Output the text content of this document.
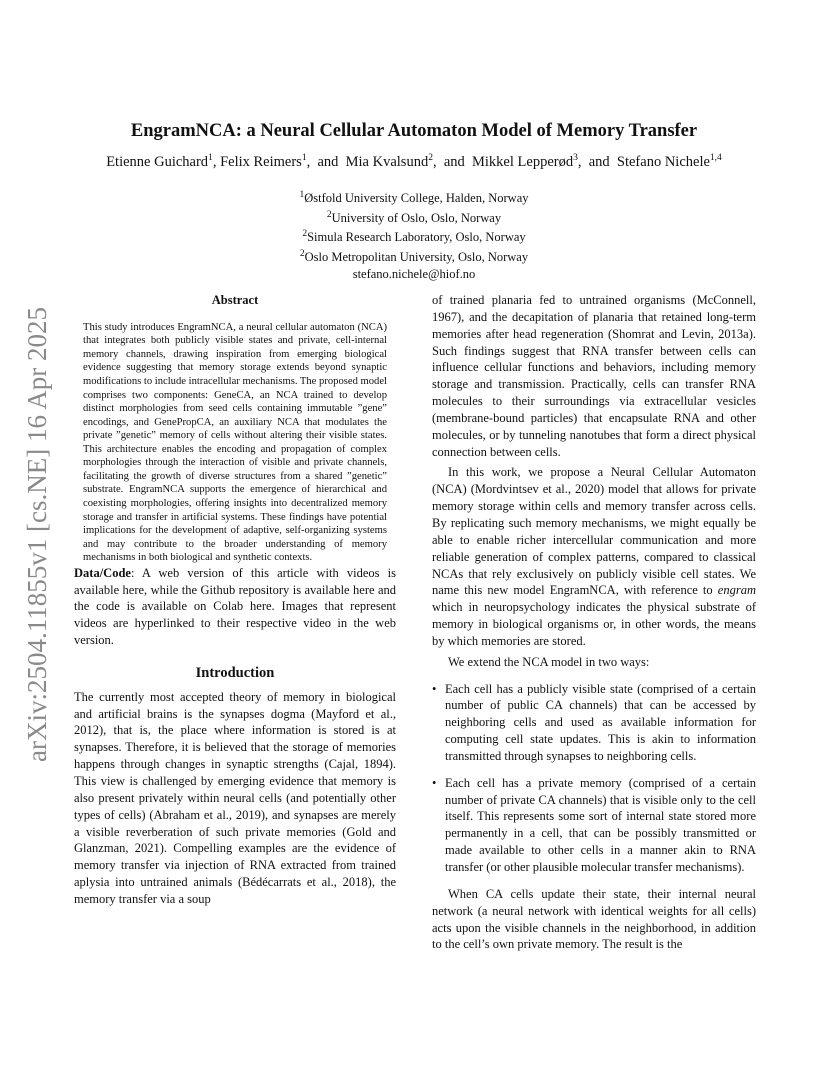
arXiv:2504.11855v1 [cs.NE] 16 Apr 2025
EngramNCA: a Neural Cellular Automaton Model of Memory Transfer
Etienne Guichard$^1$, Felix Reimers$^1$,  and  Mia Kvalsund$^2$,  and  Mikkel Lepperød$^3$,  and  Stefano Nichele$^{1,4}$
$^1$Østfold University College, Halden, Norway
$^2$University of Oslo, Oslo, Norway
$^2$Simula Research Laboratory, Oslo, Norway
$^2$Oslo Metropolitan University, Oslo, Norway
stefano.nichele@hiof.no
Abstract

This study introduces EngramNCA, a neural cellular automaton (NCA) that integrates both publicly visible states and private, cell-internal memory channels, drawing inspiration from emerging biological evidence suggesting that memory storage extends beyond synaptic modifications to include intracellular mechanisms. The proposed model comprises two components: GeneCA, an NCA trained to develop distinct morphologies from seed cells containing immutable ”gene” encodings, and GenePropCA, an auxiliary NCA that modulates the private ”genetic” memory of cells without altering their visible states. This architecture enables the encoding and propagation of complex morphologies through the interaction of visible and private channels, facilitating the growth of diverse structures from a shared ”genetic” substrate. EngramNCA supports the emergence of hierarchical and coexisting morphologies, offering insights into decentralized memory storage and transfer in artificial systems. These findings have potential implications for the development of adaptive, self-organizing systems and may contribute to the broader understanding of memory mechanisms in both biological and synthetic contexts.

Data/Code: A web version of this article with videos is available here, while the Github repository is available here and the code is available on Colab here. Images that represent videos are hyperlinked to their respective video in the web version.

Introduction

The currently most accepted theory of memory in biological and artificial brains is the synapses dogma (Mayford et al., 2012), that is, the place where information is stored is at synapses. Therefore, it is believed that the storage of memories happens through changes in synaptic strengths (Cajal, 1894). This view is challenged by emerging evidence that memory is also present privately within neural cells (and potentially other types of cells) (Abraham et al., 2019), and synapses are merely a visible reverberation of such private memories (Gold and Glanzman, 2021). Compelling examples are the evidence of memory transfer via injection of RNA extracted from trained aplysia into untrained animals (Bédécarrats et al., 2018), the memory transfer via a soup

of trained planaria fed to untrained organisms (McConnell, 1967), and the decapitation of planaria that retained long-term memories after head regeneration (Shomrat and Levin, 2013a). Such findings suggest that RNA transfer between cells can influence cellular functions and behaviors, including memory storage and transmission. Practically, cells can transfer RNA molecules to their surroundings via extracellular vesicles (membrane-bound particles) that encapsulate RNA and other molecules, or by tunneling nanotubes that form a direct physical connection between cells.

In this work, we propose a Neural Cellular Automaton (NCA) (Mordvintsev et al., 2020) model that allows for private memory storage within cells and memory transfer across cells. By replicating such memory mechanisms, we might equally be able to enable richer intercellular communication and more reliable generation of complex patterns, compared to classical NCAs that rely exclusively on publicly visible cell states. We name this new model EngramNCA, with reference to engram which in neuropsychology indicates the physical substrate of memory in biological organisms or, in other words, the means by which memories are stored.

We extend the NCA model in two ways:

• Each cell has a publicly visible state (comprised of a certain number of public CA channels) that can be accessed by neighboring cells and used as available information for computing cell state updates. This is akin to information transmitted through synapses to neighboring cells.
• Each cell has a private memory (comprised of a certain number of private CA channels) that is visible only to the cell itself. This represents some sort of internal state stored more permanently in a cell, that can be possibly transmitted or made available to other cells in a manner akin to RNA transfer (or other plausible molecular transfer mechanisms).

When CA cells update their state, their internal neural network (a neural network with identical weights for all cells) acts upon the visible channels in the neighborhood, in addition to the cell’s own private memory. The result is the
